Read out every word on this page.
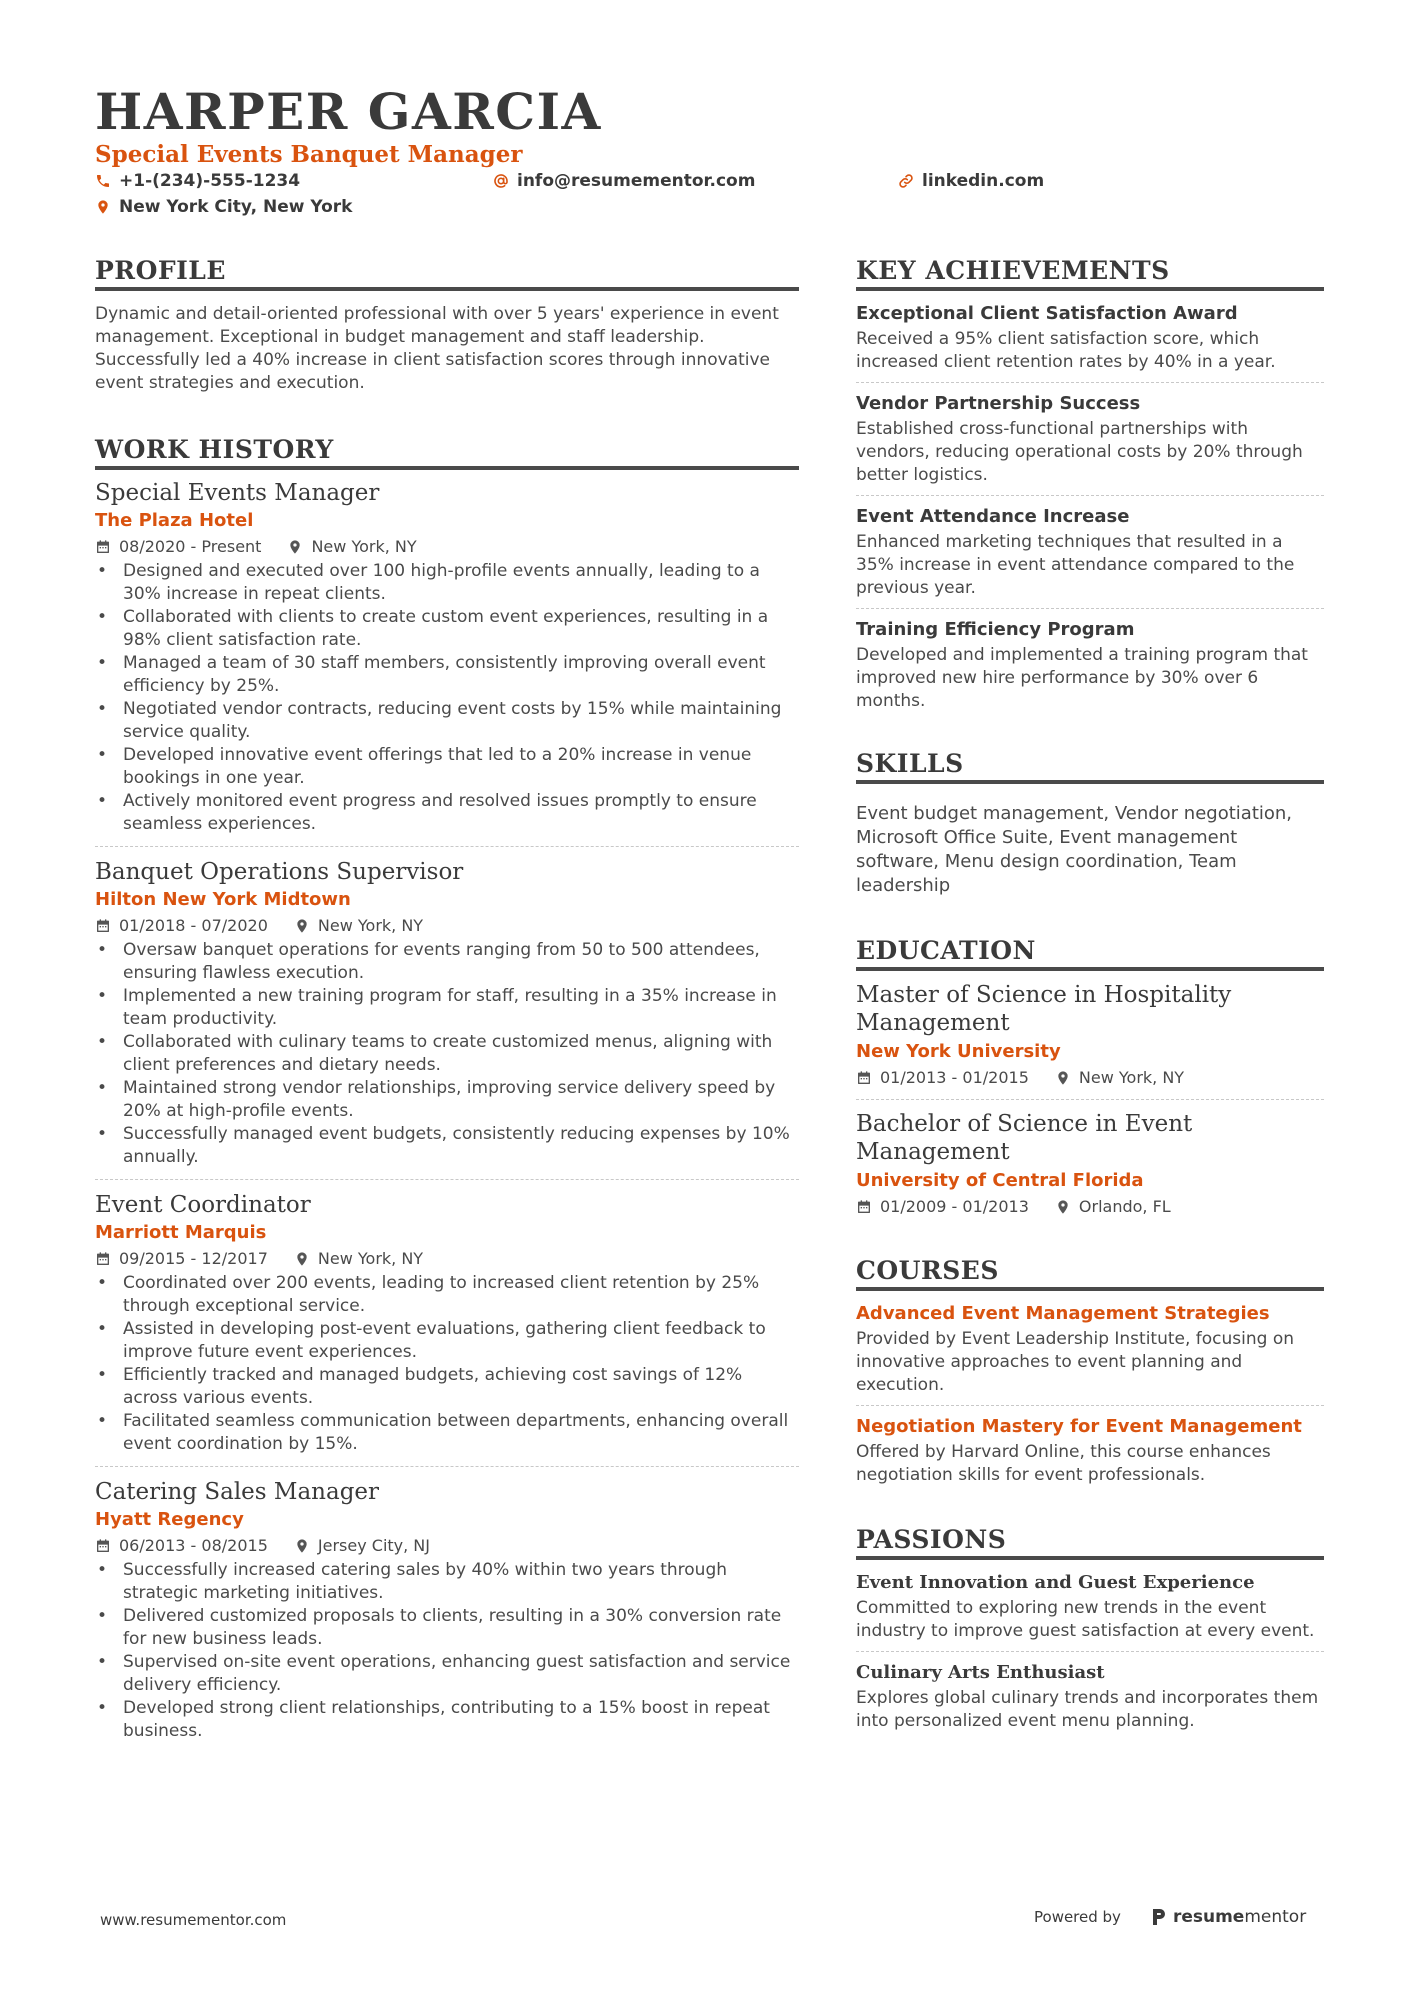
HARPER GARCIA
Special Events Banquet Manager
+1-(234)-555-1234	info@resumementor.com	linkedin.com
New York City, New York
PROFILE

Dynamic and detail-oriented professional with over 5 years' experience in event management. Exceptional in budget management and staff leadership. Successfully led a 40% increase in client satisfaction scores through innovative event strategies and execution.

WORK HISTORY
Special Events Manager
The Plaza Hotel
08/2020 - Present	New York, NY
• Designed and executed over 100 high-profile events annually, leading to a 30% increase in repeat clients.
• Collaborated with clients to create custom event experiences, resulting in a 98% client satisfaction rate.
• Managed a team of 30 staff members, consistently improving overall event efficiency by 25%.
• Negotiated vendor contracts, reducing event costs by 15% while maintaining service quality.
• Developed innovative event offerings that led to a 20% increase in venue bookings in one year.
• Actively monitored event progress and resolved issues promptly to ensure seamless experiences.
Banquet Operations Supervisor
Hilton New York Midtown
01/2018 - 07/2020	New York, NY
• Oversaw banquet operations for events ranging from 50 to 500 attendees, ensuring flawless execution.
• Implemented a new training program for staff, resulting in a 35% increase in team productivity.
• Collaborated with culinary teams to create customized menus, aligning with client preferences and dietary needs.
• Maintained strong vendor relationships, improving service delivery speed by 20% at high-profile events.
• Successfully managed event budgets, consistently reducing expenses by 10% annually.
Event Coordinator
Marriott Marquis
09/2015 - 12/2017	New York, NY
• Coordinated over 200 events, leading to increased client retention by 25% through exceptional service.
• Assisted in developing post-event evaluations, gathering client feedback to improve future event experiences.
• Efficiently tracked and managed budgets, achieving cost savings of 12% across various events.
• Facilitated seamless communication between departments, enhancing overall event coordination by 15%.
Catering Sales Manager
Hyatt Regency
06/2013 - 08/2015	Jersey City, NJ
• Successfully increased catering sales by 40% within two years through strategic marketing initiatives.
• Delivered customized proposals to clients, resulting in a 30% conversion rate for new business leads.
• Supervised on-site event operations, enhancing guest satisfaction and service delivery efficiency.
• Developed strong client relationships, contributing to a 15% boost in repeat business.
KEY ACHIEVEMENTS
Exceptional Client Satisfaction Award

Received a 95% client satisfaction score, which increased client retention rates by 40% in a year.

Vendor Partnership Success

Established cross-functional partnerships with vendors, reducing operational costs by 20% through better logistics.

Event Attendance Increase

Enhanced marketing techniques that resulted in a 35% increase in event attendance compared to the previous year.

Training Efficiency Program

Developed and implemented a training program that improved new hire performance by 30% over 6 months.

SKILLS

Event budget management, Vendor negotiation, Microsoft Office Suite, Event management software, Menu design coordination, Team leadership

EDUCATION
Master of Science in Hospitality Management
New York University
01/2013 - 01/2015	New York, NY
Bachelor of Science in Event Management
University of Central Florida
01/2009 - 01/2013	Orlando, FL
COURSES
Advanced Event Management Strategies

Provided by Event Leadership Institute, focusing on innovative approaches to event planning and execution.

Negotiation Mastery for Event Management

Offered by Harvard Online, this course enhances negotiation skills for event professionals.

PASSIONS
Event Innovation and Guest Experience

Committed to exploring new trends in the event industry to improve guest satisfaction at every event.

Culinary Arts Enthusiast

Explores global culinary trends and incorporates them into personalized event menu planning.

www.resumementor.com	Powered by	resumementor
